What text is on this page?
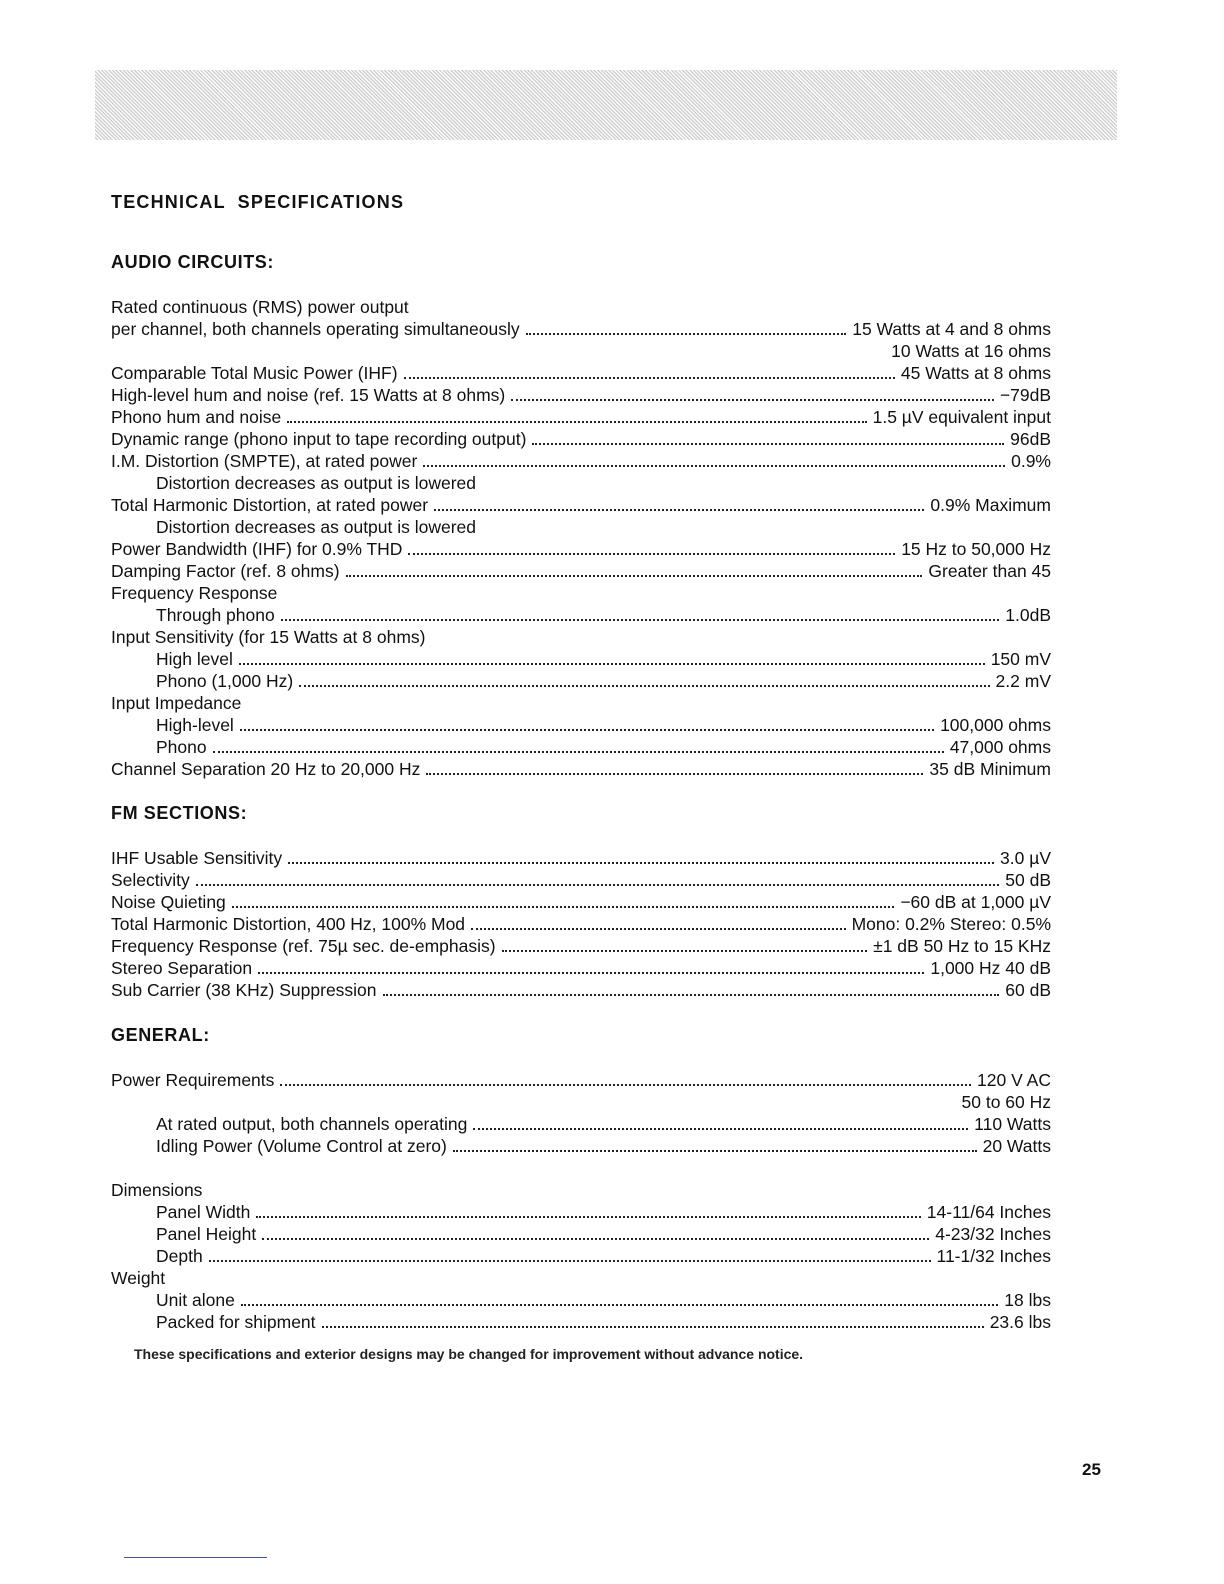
TECHNICAL SPECIFICATIONS
AUDIO CIRCUITS:
Rated continuous (RMS) power output
per channel, both channels operating simultaneously	15 Watts at 4 and 8 ohms
10 Watts at 16 ohms
Comparable Total Music Power (IHF)	45 Watts at 8 ohms
High-level hum and noise (ref. 15 Watts at 8 ohms)	−79dB
Phono hum and noise	1.5 µV equivalent input
Dynamic range (phono input to tape recording output)	96dB
I.M. Distortion (SMPTE), at rated power	0.9%
Distortion decreases as output is lowered
Total Harmonic Distortion, at rated power	0.9% Maximum
Distortion decreases as output is lowered
Power Bandwidth (IHF) for 0.9% THD	15 Hz to 50,000 Hz
Damping Factor (ref. 8 ohms)	Greater than 45
Frequency Response
Through phono	1.0dB
Input Sensitivity (for 15 Watts at 8 ohms)
High level	150 mV
Phono (1,000 Hz)	2.2 mV
Input Impedance
High-level	100,000 ohms
Phono	47,000 ohms
Channel Separation 20 Hz to 20,000 Hz	35 dB Minimum
FM SECTIONS:
IHF Usable Sensitivity	3.0 µV
Selectivity	50 dB
Noise Quieting	−60 dB at 1,000 µV
Total Harmonic Distortion, 400 Hz, 100% Mod	Mono: 0.2% Stereo: 0.5%
Frequency Response (ref. 75µ sec. de-emphasis)	±1 dB 50 Hz to 15 KHz
Stereo Separation	1,000 Hz 40 dB
Sub Carrier (38 KHz) Suppression	60 dB
GENERAL:
Power Requirements	120 V AC
50 to 60 Hz
At rated output, both channels operating	110 Watts
Idling Power (Volume Control at zero)	20 Watts
Dimensions
Panel Width	14-11/64 Inches
Panel Height	4-23/32 Inches
Depth	11-1/32 Inches
Weight
Unit alone	18 lbs
Packed for shipment	23.6 lbs
These specifications and exterior designs may be changed for improvement without advance notice.
25
